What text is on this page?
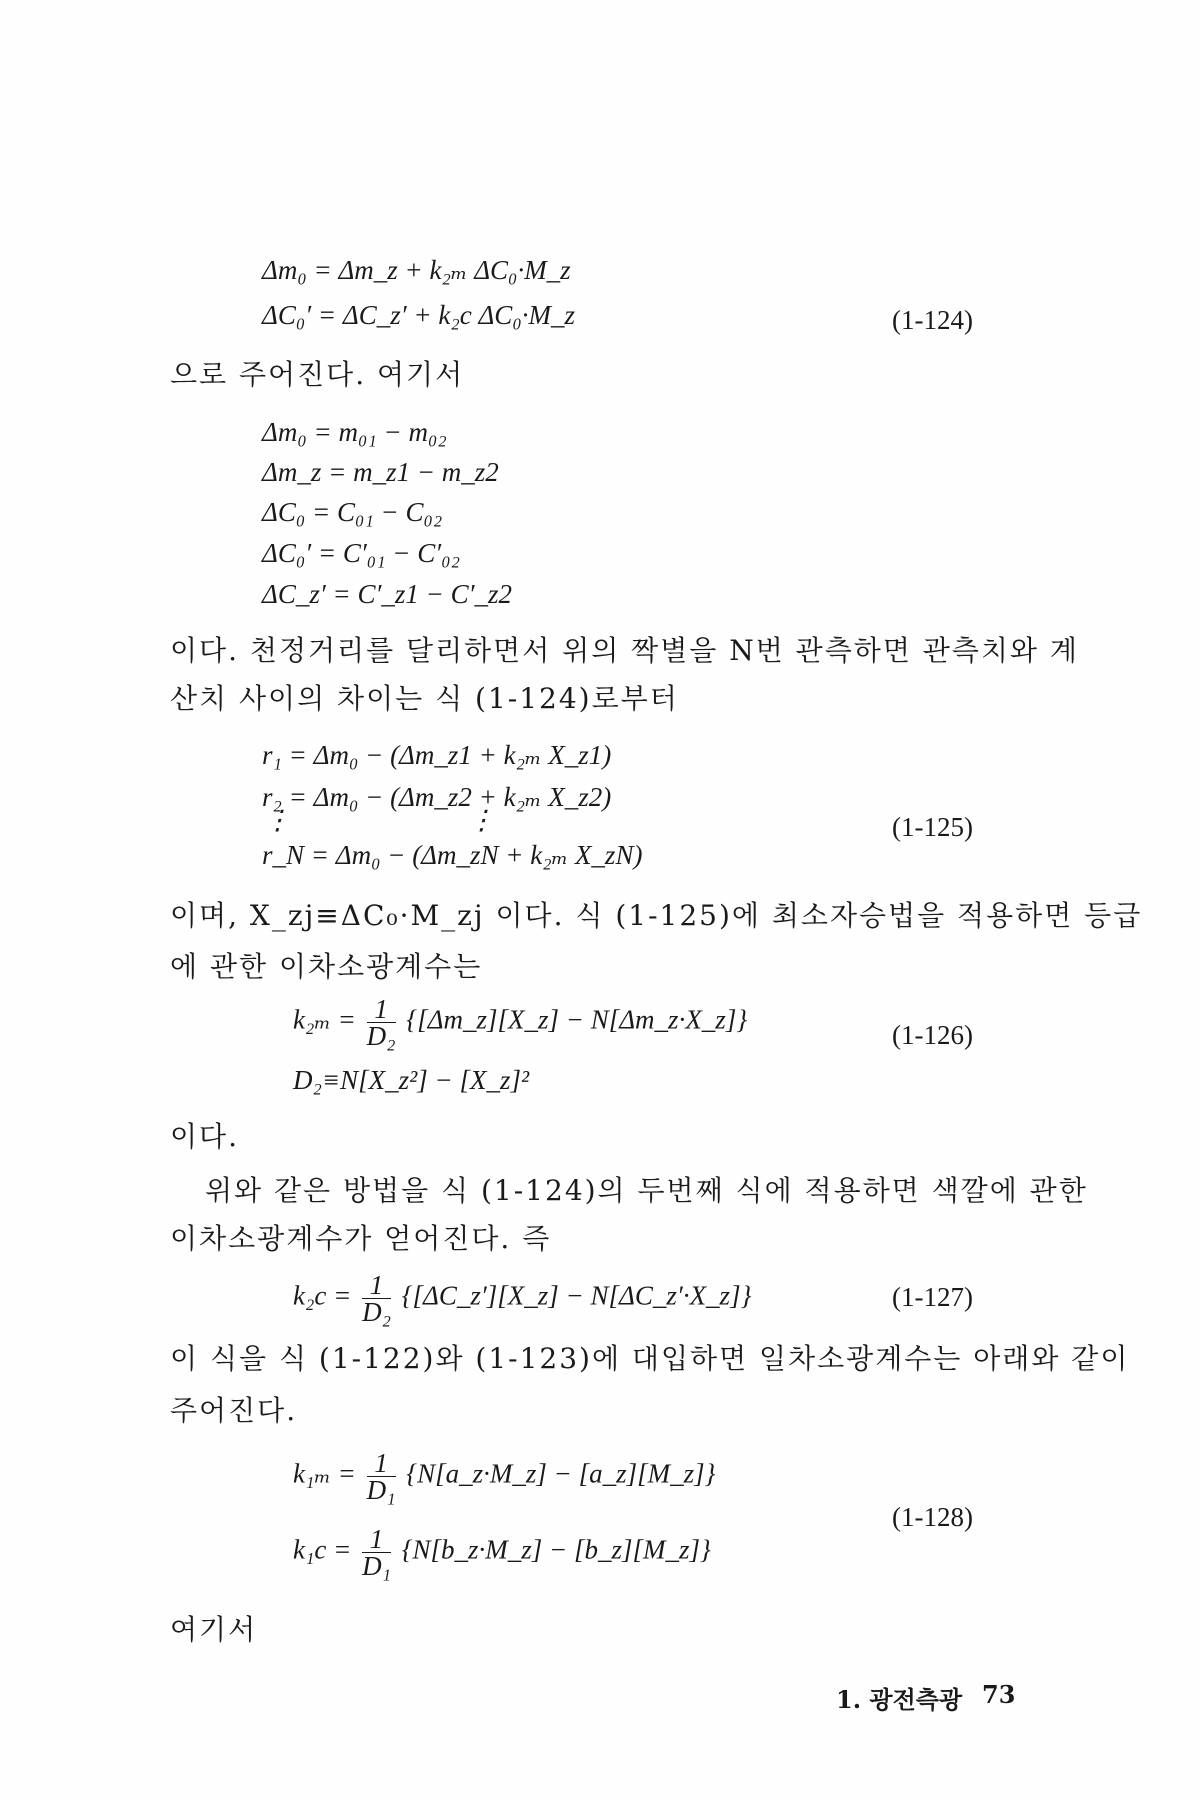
Δm₀ = Δm_z + k₂ₘ ΔC₀·M_z
ΔC₀′ = ΔC_z′ + k₂c ΔC₀·M_z	(1-124)
으로 주어진다. 여기서
Δm₀ = m₀₁ − m₀₂
Δm_z = m_z1 − m_z2
ΔC₀ = C₀₁ − C₀₂
ΔC₀′ = C′₀₁ − C′₀₂
ΔC_z′ = C′_z1 − C′_z2
이다. 천정거리를 달리하면서 위의 짝별을 N번 관측하면 관측치와 계
산치 사이의 차이는 식 (1-124)로부터
r₁ = Δm₀ − (Δm_z1 + k₂ₘ X_z1)
r₂ = Δm₀ − (Δm_z2 + k₂ₘ X_z2)
⋮	⋮
r_N = Δm₀ − (Δm_zN + k₂ₘ X_zN)
(1-125)
이며, X_zj≡ΔC₀·M_zj 이다. 식 (1-125)에 최소자승법을 적용하면 등급
에 관한 이차소광계수는
$k_{2m} = \frac{1}{\text{D₂}}$ {[Δm_z][X_z] − N[Δm_z·X_z]}
D₂≡N[X_z²] − [X_z]²
(1-126)
이다.
위와 같은 방법을 식 (1-124)의 두번째 식에 적용하면 색깔에 관한
이차소광계수가 얻어진다. 즉
$k_2c = \frac{1}{\text{D₂}}$ {[ΔC_z′][X_z] − N[ΔC_z′·X_z]}	(1-127)
이 식을 식 (1-122)와 (1-123)에 대입하면 일차소광계수는 아래와 같이
주어진다.
$k_{1m} = \frac{1}{\text{D₁}}$ {N[a_z·M_z] − [a_z][M_z]}
$k_1c = \frac{1}{\text{D₁}}$ {N[b_z·M_z] − [b_z][M_z]}
(1-128)
여기서
1. 광전측광 73
